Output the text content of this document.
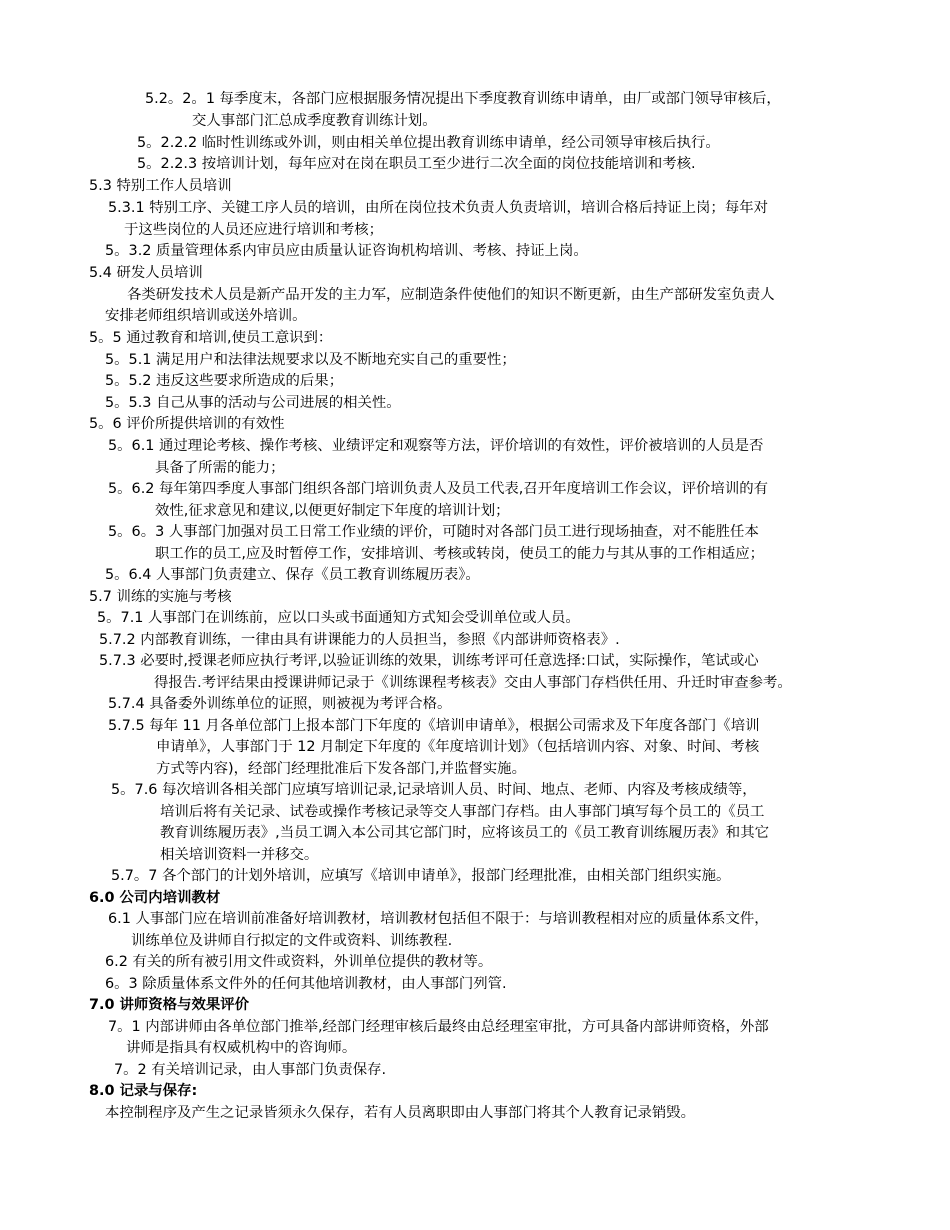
5.2。2。1 每季度末，各部门应根据服务情况提出下季度教育训练申请单，由厂或部门领导审核后，
交人事部门汇总成季度教育训练计划。
5。2.2.2 临时性训练或外训，则由相关单位提出教育训练申请单，经公司领导审核后执行。
5。2.2.3 按培训计划，每年应对在岗在职员工至少进行二次全面的岗位技能培训和考核.
5.3 特别工作人员培训
5.3.1 特别工序、关键工序人员的培训，由所在岗位技术负责人负责培训，培训合格后持证上岗；每年对
于这些岗位的人员还应进行培训和考核；
5。3.2 质量管理体系内审员应由质量认证咨询机构培训、考核、持证上岗。
5.4 研发人员培训
各类研发技术人员是新产品开发的主力军，应制造条件使他们的知识不断更新，由生产部研发室负责人
安排老师组织培训或送外培训。
5。5 通过教育和培训,使员工意识到：
5。5.1 满足用户和法律法规要求以及不断地充实自己的重要性；
5。5.2 违反这些要求所造成的后果；
5。5.3 自己从事的活动与公司进展的相关性。
5。6 评价所提供培训的有效性
5。6.1 通过理论考核、操作考核、业绩评定和观察等方法，评价培训的有效性，评价被培训的人员是否
具备了所需的能力；
5。6.2 每年第四季度人事部门组织各部门培训负责人及员工代表,召开年度培训工作会议，评价培训的有
效性,征求意见和建议,以便更好制定下年度的培训计划；
5。6。3 人事部门加强对员工日常工作业绩的评价，可随时对各部门员工进行现场抽查，对不能胜任本
职工作的员工,应及时暂停工作，安排培训、考核或转岗，使员工的能力与其从事的工作相适应；
5。6.4 人事部门负责建立、保存《员工教育训练履历表》。
5.7 训练的实施与考核
5。7.1 人事部门在训练前，应以口头或书面通知方式知会受训单位或人员。
5.7.2 内部教育训练，一律由具有讲课能力的人员担当，参照《内部讲师资格表》.
5.7.3 必要时,授课老师应执行考评,以验证训练的效果，训练考评可任意选择:口试，实际操作，笔试或心
得报告.考评结果由授课讲师记录于《训练课程考核表》交由人事部门存档供任用、升迁时审查参考。
5.7.4 具备委外训练单位的证照，则被视为考评合格。
5.7.5 每年 11 月各单位部门上报本部门下年度的《培训申请单》，根据公司需求及下年度各部门《培训
申请单》，人事部门于 12 月制定下年度的《年度培训计划》（包括培训内容、对象、时间、考核
方式等内容)，经部门经理批准后下发各部门,并监督实施。
5。7.6 每次培训各相关部门应填写培训记录,记录培训人员、时间、地点、老师、内容及考核成绩等，
培训后将有关记录、试卷或操作考核记录等交人事部门存档。由人事部门填写每个员工的《员工
教育训练履历表》,当员工调入本公司其它部门时，应将该员工的《员工教育训练履历表》和其它
相关培训资料一并移交。
5.7。7 各个部门的计划外培训，应填写《培训申请单》，报部门经理批准，由相关部门组织实施。
6.0 公司内培训教材
6.1 人事部门应在培训前准备好培训教材，培训教材包括但不限于：与培训教程相对应的质量体系文件，
训练单位及讲师自行拟定的文件或资料、训练教程.
6.2 有关的所有被引用文件或资料，外训单位提供的教材等。
6。3 除质量体系文件外的任何其他培训教材，由人事部门列管.
7.0 讲师资格与效果评价
7。1 内部讲师由各单位部门推举,经部门经理审核后最终由总经理室审批，方可具备内部讲师资格，外部
讲师是指具有权威机构中的咨询师。
7。2 有关培训记录，由人事部门负责保存.
8.0 记录与保存:
本控制程序及产生之记录皆须永久保存，若有人员离职即由人事部门将其个人教育记录销毁。
